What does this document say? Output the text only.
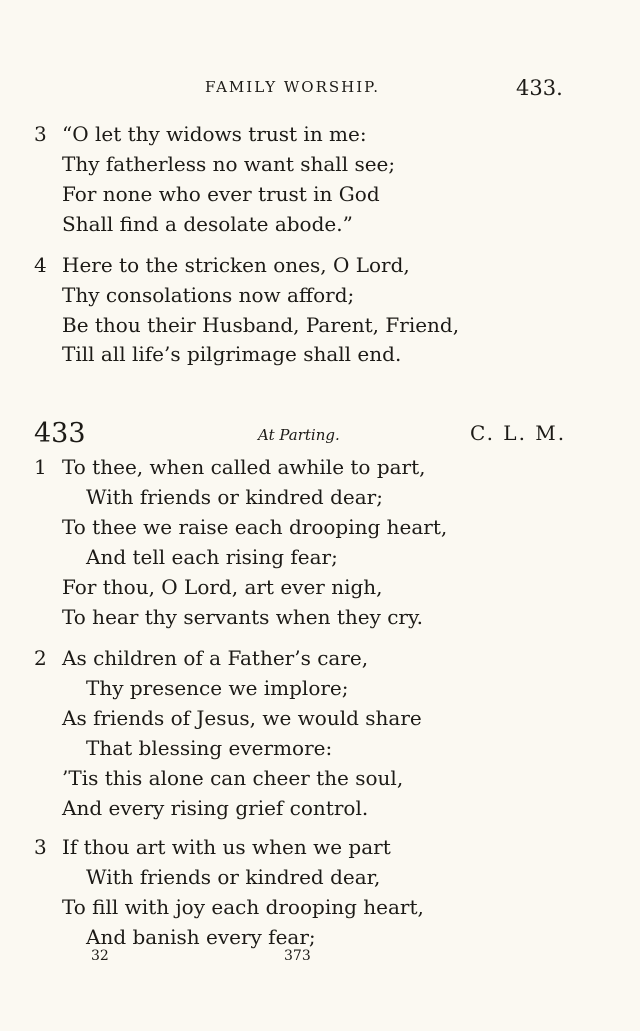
FAMILY WORSHIP.	433.
3 “O let thy widows trust in me:
Thy fatherless no want shall see;
For none who ever trust in God
Shall find a desolate abode.”
4 Here to the stricken ones, O Lord,
Thy consolations now afford;
Be thou their Husband, Parent, Friend,
Till all life’s pilgrimage shall end.
433	At Parting.	C. L. M.
1 To thee, when called awhile to part,
With friends or kindred dear;
To thee we raise each drooping heart,
And tell each rising fear;
For thou, O Lord, art ever nigh,
To hear thy servants when they cry.
2 As children of a Father’s care,
Thy presence we implore;
As friends of Jesus, we would share
That blessing evermore:
’Tis this alone can cheer the soul,
And every rising grief control.
3 If thou art with us when we part
With friends or kindred dear,
To fill with joy each drooping heart,
And banish every fear;
32	373
